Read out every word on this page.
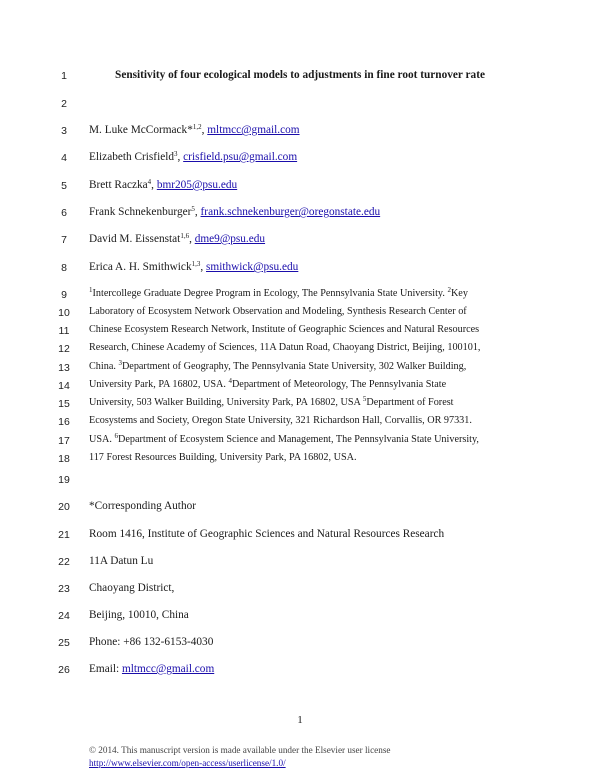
1
2
3
4
5
6
7
8
9
10
11
12
13
14
15
16
17
18
19
20
21
22
23
24
25
26
Sensitivity of four ecological models to adjustments in fine root turnover rate
M. Luke McCormack*$^{1,2}$, mltmcc@gmail.com
Elizabeth Crisfield$^3$, crisfield.psu@gmail.com
Brett Raczka$^4$, bmr205@psu.edu
Frank Schnekenburger$^5$, frank.schnekenburger@oregonstate.edu
David M. Eissenstat$^{1,6}$, dme9@psu.edu
Erica A. H. Smithwick$^{1,3}$, smithwick@psu.edu
$^1$Intercollege Graduate Degree Program in Ecology, The Pennsylvania State University. $^2$Key
Laboratory of Ecosystem Network Observation and Modeling, Synthesis Research Center of
Chinese Ecosystem Research Network, Institute of Geographic Sciences and Natural Resources
Research, Chinese Academy of Sciences, 11A Datun Road, Chaoyang District, Beijing, 100101,
China. $^3$Department of Geography, The Pennsylvania State University, 302 Walker Building,
University Park, PA 16802, USA. $^4$Department of Meteorology, The Pennsylvania State
University, 503 Walker Building, University Park, PA 16802, USA $^5$Department of Forest
Ecosystems and Society, Oregon State University, 321 Richardson Hall, Corvallis, OR 97331.
USA. $^6$Department of Ecosystem Science and Management, The Pennsylvania State University,
117 Forest Resources Building, University Park, PA 16802, USA.
*Corresponding Author
Room 1416, Institute of Geographic Sciences and Natural Resources Research
11A Datun Lu
Chaoyang District,
Beijing, 10010, China
Phone: +86 132-6153-4030
Email: mltmcc@gmail.com
1
© 2014. This manuscript version is made available under the Elsevier user license
http://www.elsevier.com/open-access/userlicense/1.0/
